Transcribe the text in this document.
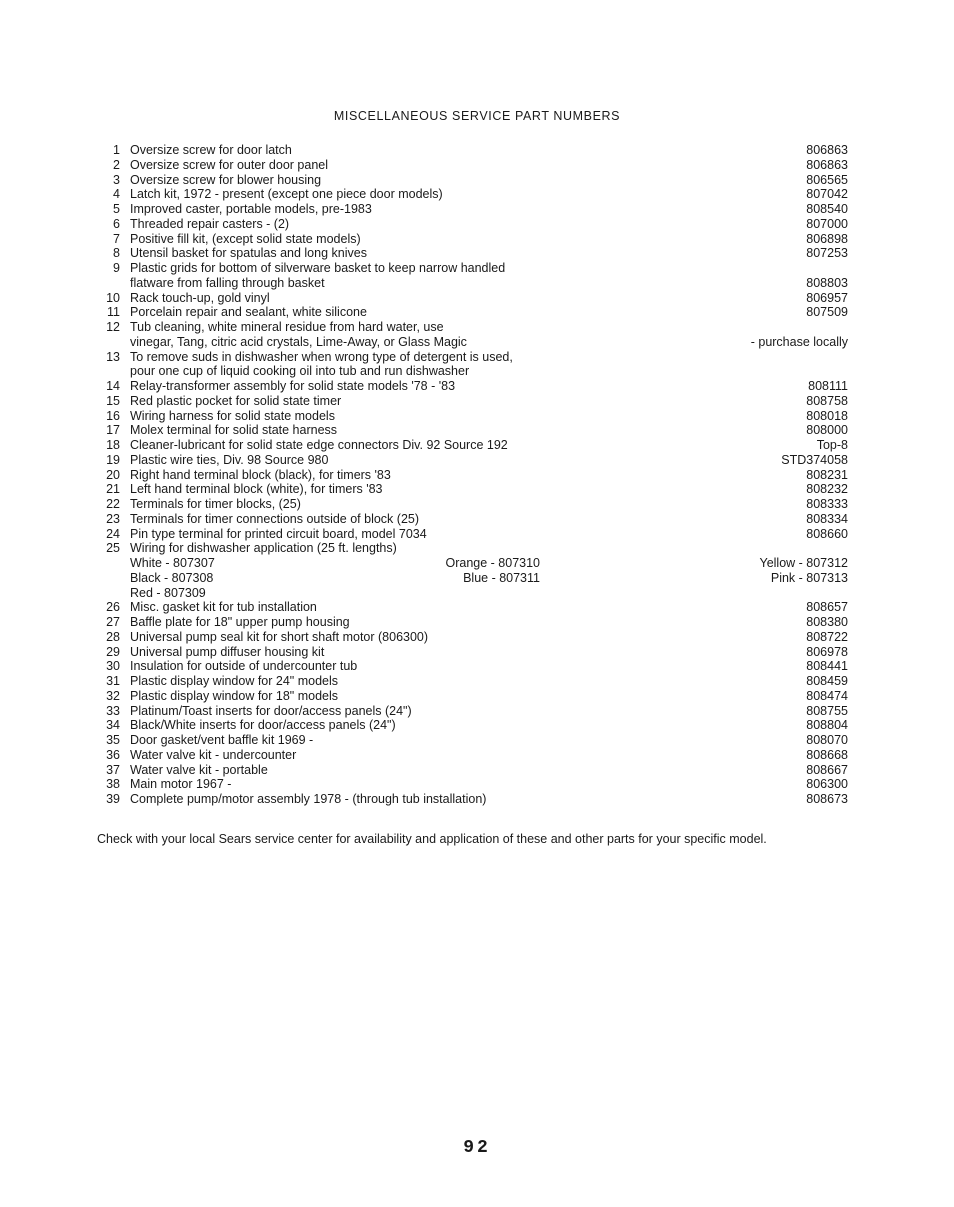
MISCELLANEOUS SERVICE PART NUMBERS
1 Oversize screw for door latch	806863
2 Oversize screw for outer door panel	806863
3 Oversize screw for blower housing	806565
4 Latch kit, 1972 - present (except one piece door models)	807042
5 Improved caster, portable models, pre-1983	808540
6 Threaded repair casters - (2)	807000
7 Positive fill kit, (except solid state models)	806898
8 Utensil basket for spatulas and long knives	807253
9 Plastic grids for bottom of silverware basket to keep narrow handled
flatware from falling through basket	808803
10 Rack touch-up, gold vinyl	806957
11 Porcelain repair and sealant, white silicone	807509
12 Tub cleaning, white mineral residue from hard water, use
vinegar, Tang, citric acid crystals, Lime-Away, or Glass Magic	- purchase locally
13 To remove suds in dishwasher when wrong type of detergent is used,
pour one cup of liquid cooking oil into tub and run dishwasher
14 Relay-transformer assembly for solid state models '78 - '83	808111
15 Red plastic pocket for solid state timer	808758
16 Wiring harness for solid state models	808018
17 Molex terminal for solid state harness	808000
18 Cleaner-lubricant for solid state edge connectors Div. 92 Source 192	Top-8
19 Plastic wire ties, Div. 98 Source 980	STD374058
20 Right hand terminal block (black), for timers '83	808231
21 Left hand terminal block (white), for timers '83	808232
22 Terminals for timer blocks, (25)	808333
23 Terminals for timer connections outside of block (25)	808334
24 Pin type terminal for printed circuit board, model 7034	808660
25 Wiring for dishwasher application (25 ft. lengths)
White - 807307	Orange - 807310	Yellow - 807312
Black - 807308	Blue - 807311	Pink - 807313
Red - 807309
26 Misc. gasket kit for tub installation	808657
27 Baffle plate for 18" upper pump housing	808380
28 Universal pump seal kit for short shaft motor (806300)	808722
29 Universal pump diffuser housing kit	806978
30 Insulation for outside of undercounter tub	808441
31 Plastic display window for 24" models	808459
32 Plastic display window for 18" models	808474
33 Platinum/Toast inserts for door/access panels (24")	808755
34 Black/White inserts for door/access panels (24")	808804
35 Door gasket/vent baffle kit 1969 -	808070
36 Water valve kit - undercounter	808668
37 Water valve kit - portable	808667
38 Main motor 1967 -	806300
39 Complete pump/motor assembly 1978 - (through tub installation)	808673
Check with your local Sears service center for availability and application of these and other parts for your specific model.
92
